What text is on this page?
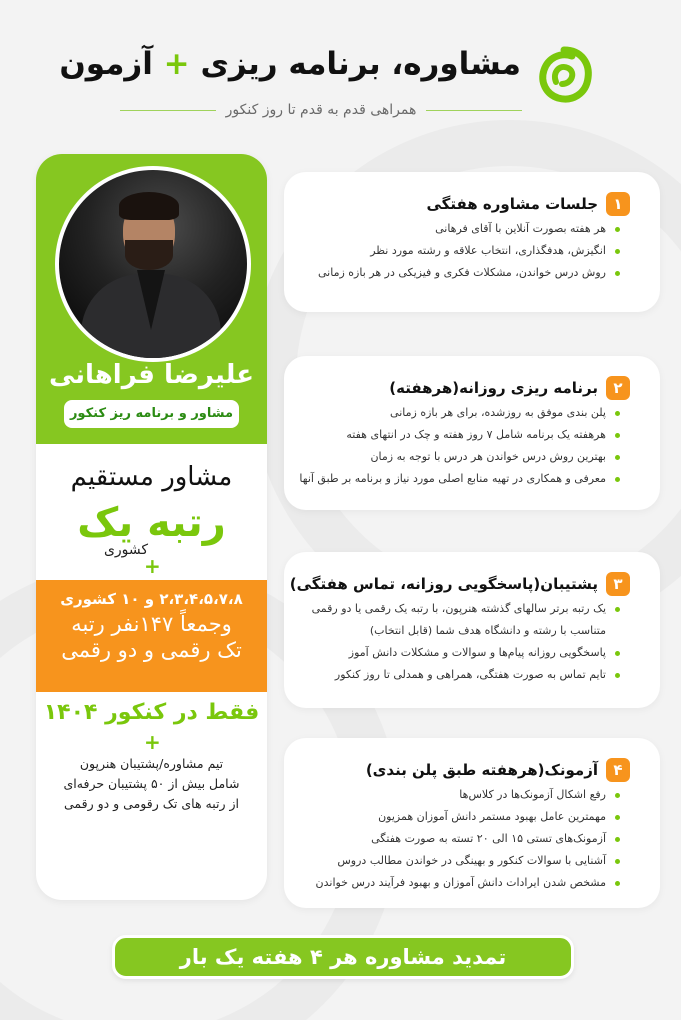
مشاوره، برنامه ریزی + آزمون
همراهی قدم به قدم تا روز کنکور
علیرضا فراهانی
مشاور و برنامه ریز کنکور
مشاور مستقیم
رتبه یک
کشوری
+
۲،۳،۴،۵،۷،۸ و ۱۰ کشوری
وجمعاً ۱۴۷نفر رتبه
تک رقمی و دو رقمی
فقط در کنکور ۱۴۰۴
+
تیم مشاوره/پشتیبان هنرپون
شامل بیش از ۵۰ پشتیبان حرفه‌ای
از رتبه های تک رقومی و دو رقمی
۱
جلسات مشاوره هفتگی
هر هفته بصورت آنلاین با آقای فرهانی
انگیزش، هدفگذاری، انتخاب علاقه و رشته مورد نظر
روش درس خواندن، مشکلات فکری و فیزیکی در هر بازه زمانی
۲
برنامه ریزی روزانه(هرهفته)
پلن بندی موفق به روزشده، برای هر بازه زمانی
هرهفته یک برنامه شامل ۷ روز هفته و چک در انتهای هفته
بهترین روش درس خواندن هر درس با توجه به زمان
معرفی و همکاری در تهیه منابع اصلی مورد نیاز و برنامه بر طبق آنها
۳
پشتیبان(پاسخگویی روزانه، تماس هفتگی)
یک رتبه برتر سالهای گذشته هنرپون، با رتبه یک رقمی یا دو رقمی
متناسب با رشته و دانشگاه هدف شما (قابل انتخاب)
پاسخگویی روزانه پیام‌ها و سوالات و مشکلات دانش آموز
تایم تماس به صورت هفتگی، همراهی و همدلی تا روز کنکور
۴
آزمونک(هرهفته طبق پلن بندی)
رفع اشکال آزمونک‌ها در کلاس‌ها
مهمترین عامل بهبود مستمر دانش آموزان همزیون
آزمونک‌های تستی ۱۵ الی ۲۰ تسته به صورت هفتگی
آشنایی با سوالات کنکور و بهینگی در خواندن مطالب دروس
مشخص شدن ایرادات دانش آموزان و بهبود فرآیند درس خواندن
تمدید مشاوره هر ۴ هفته یک بار
